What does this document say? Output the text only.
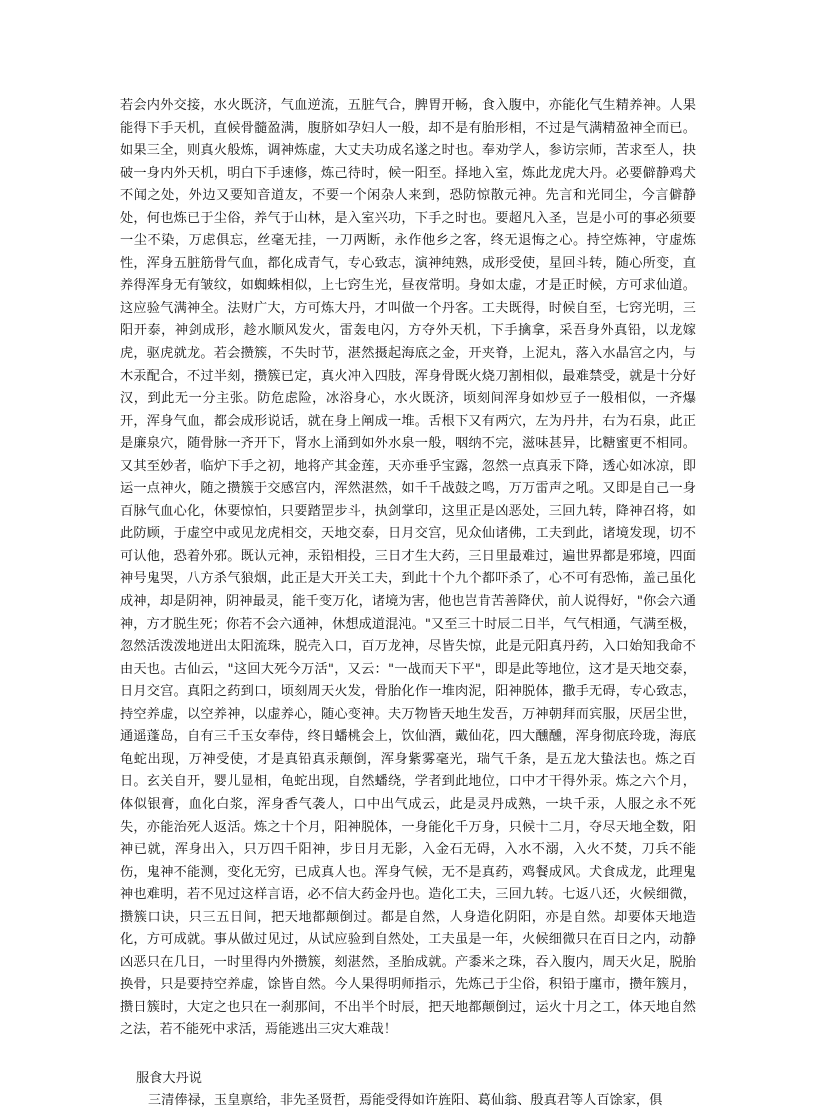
若会内外交接，水火既济，气血逆流，五脏气合，脾胃开畅，食入腹中，亦能化气生精养神。人果能得下手天机，直候骨髓盈满，腹脐如孕妇人一般，却不是有胎形相，不过是气满精盈神全而已。如果三全，则真火般炼，调神炼虚，大丈夫功成名遂之时也。奉劝学人，参访宗师，苦求至人，抉破一身内外天机，明白下手速修，炼己待时，候一阳至。择地入室，炼此龙虎大丹。必要僻静鸡犬不闻之处，外边又要知音道友，不要一个闲杂人来到，恐防惊散元神。先言和光同尘，今言僻静处，何也炼已于尘俗，养气于山林，是入室兴功，下手之时也。要超凡入圣，岂是小可的事必须要一尘不染，万虑俱忘，丝毫无挂，一刀两断，永作他乡之客，终无退悔之心。持空炼神，守虚炼性，浑身五脏筋骨气血，都化成青气，专心致志，演神纯熟，成形受使，星回斗转，随心所变，直养得浑身无有皱纹，如蜘蛛相似，上七窍生光，昼夜常明。身如太虚，才是正时候，方可求仙道。这应验气满神全。法财广大，方可炼大丹，才叫做一个丹客。工夫既得，时候自至，七窍光明，三阳开泰，神剑成形，趁水顺风发火，雷轰电闪，方夺外天机，下手擒拿，采吾身外真铅，以龙嫁虎，驱虎就龙。若会攒簇，不失时节，湛然摄起海底之金，开夹脊，上泥丸，落入水晶宫之内，与木汞配合，不过半刻，攒簇已定，真火冲入四肢，浑身骨既火烧刀割相似，最难禁受，就是十分好汉，到此无一分主张。防危虑险，冰浴身心，水火既济，顷刻间浑身如炒豆子一般相似，一齐爆开，浑身气血，都会成形说话，就在身上阐成一堆。舌根下又有两穴，左为丹井，右为石泉，此正是廉泉穴，随骨脉一齐开下，肾水上涌到如外水泉一般，咽纳不完，滋味甚异，比糖蜜更不相同。又其至妙者，临炉下手之初，地将产其金莲，天亦垂乎宝露，忽然一点真汞下降，透心如冰凉，即运一点神火，随之攒簇于交感宫内，浑然湛然，如千千战鼓之鸣，万万雷声之吼。又即是自己一身百脉气血心化，休要惊怕，只要踏罡步斗，执剑掌印，这里正是凶恶处，三回九转，降神召将，如此防顾，于虚空中或见龙虎相交，天地交泰，日月交宫，见众仙诸佛，工夫到此，诸境发现，切不可认他，恐着外邪。既认元神，汞铅相投，三日才生大药，三日里最难过，遍世界都是邪境，四面神号鬼哭，八方杀气狼烟，此正是大开关工夫，到此十个九个都吓杀了，心不可有恐怖，盖己虽化成神，却是阴神，阴神最灵，能千变万化，诸境为害，他也岂肯苦善降伏，前人说得好，"你会六通神，方才脱生死；你若不会六通神，休想成道混沌。"又至三十时辰二日半，气气相通，气满至极，忽然活泼泼地迸出太阳流珠，脱壳入口，百万龙神，尽皆失惊，此是元阳真丹药，入口始知我命不由天也。古仙云，"这回大死今万活"，又云："一战而天下平"，即是此等地位，这才是天地交泰，日月交宫。真阳之药到口，顷刻周天火发，骨胎化作一堆肉泥，阳神脱体，撒手无碍，专心致志，持空养虚，以空养神，以虚养心，随心变神。夫万物皆天地生发吾，万神朝拜而宾服，厌居尘世，通遥蓬岛，自有三千玉女奉侍，终日蟠桃会上，饮仙酒，戴仙花，四大醺醺，浑身彻底玲珑，海底龟蛇出现，万神受使，才是真铅真汞颠倒，浑身紫雾毫光，瑞气千条，是五龙大蛰法也。炼之百日。玄关自开，婴儿显相，龟蛇出现，自然蟠绕，学者到此地位，口中才干得外汞。炼之六个月，体似银膏，血化白浆，浑身香气袭人，口中出气成云，此是灵丹成熟，一块千汞，人服之永不死失，亦能治死人返活。炼之十个月，阳神脱体，一身能化千万身，只候十二月，夺尽天地全数，阳神已就，浑身出入，只万四千阳神，步日月无影，入金石无碍，入水不溺，入火不焚，刀兵不能伤，鬼神不能测，变化无穷，已成真人也。浑身气候，无不是真药，鸡餐成风。犬食成龙，此理鬼神也难明，若不见过这样言语，必不信大药金丹也。造化工夫，三回九转。七返八还，火候细微，攒簇口诀，只三五日间，把天地都颠倒过。都是自然，人身造化阴阳，亦是自然。却要体天地造化，方可成就。事从做过见过，从试应验到自然处，工夫虽是一年，火候细微只在百日之内，动静凶恶只在几日，一时里得内外攒簇，刻湛然，圣胎成就。产黍米之珠，吞入腹内，周天火足，脱胎换骨，只是要持空养虚，馀皆自然。今人果得明师指示，先炼己于尘俗，积铅于廛市，攒年簇月，攒日簇时，大定之也只在一刹那间，不出半个时辰，把天地都颠倒过，运火十月之工，体天地自然之法，若不能死中求活，焉能逃出三灾大难哉！

服食大丹说

三清俸禄，玉皇禀给，非先圣贤哲，焉能受得如许旌阳、葛仙翁、殷真君等人百馀家，俱
